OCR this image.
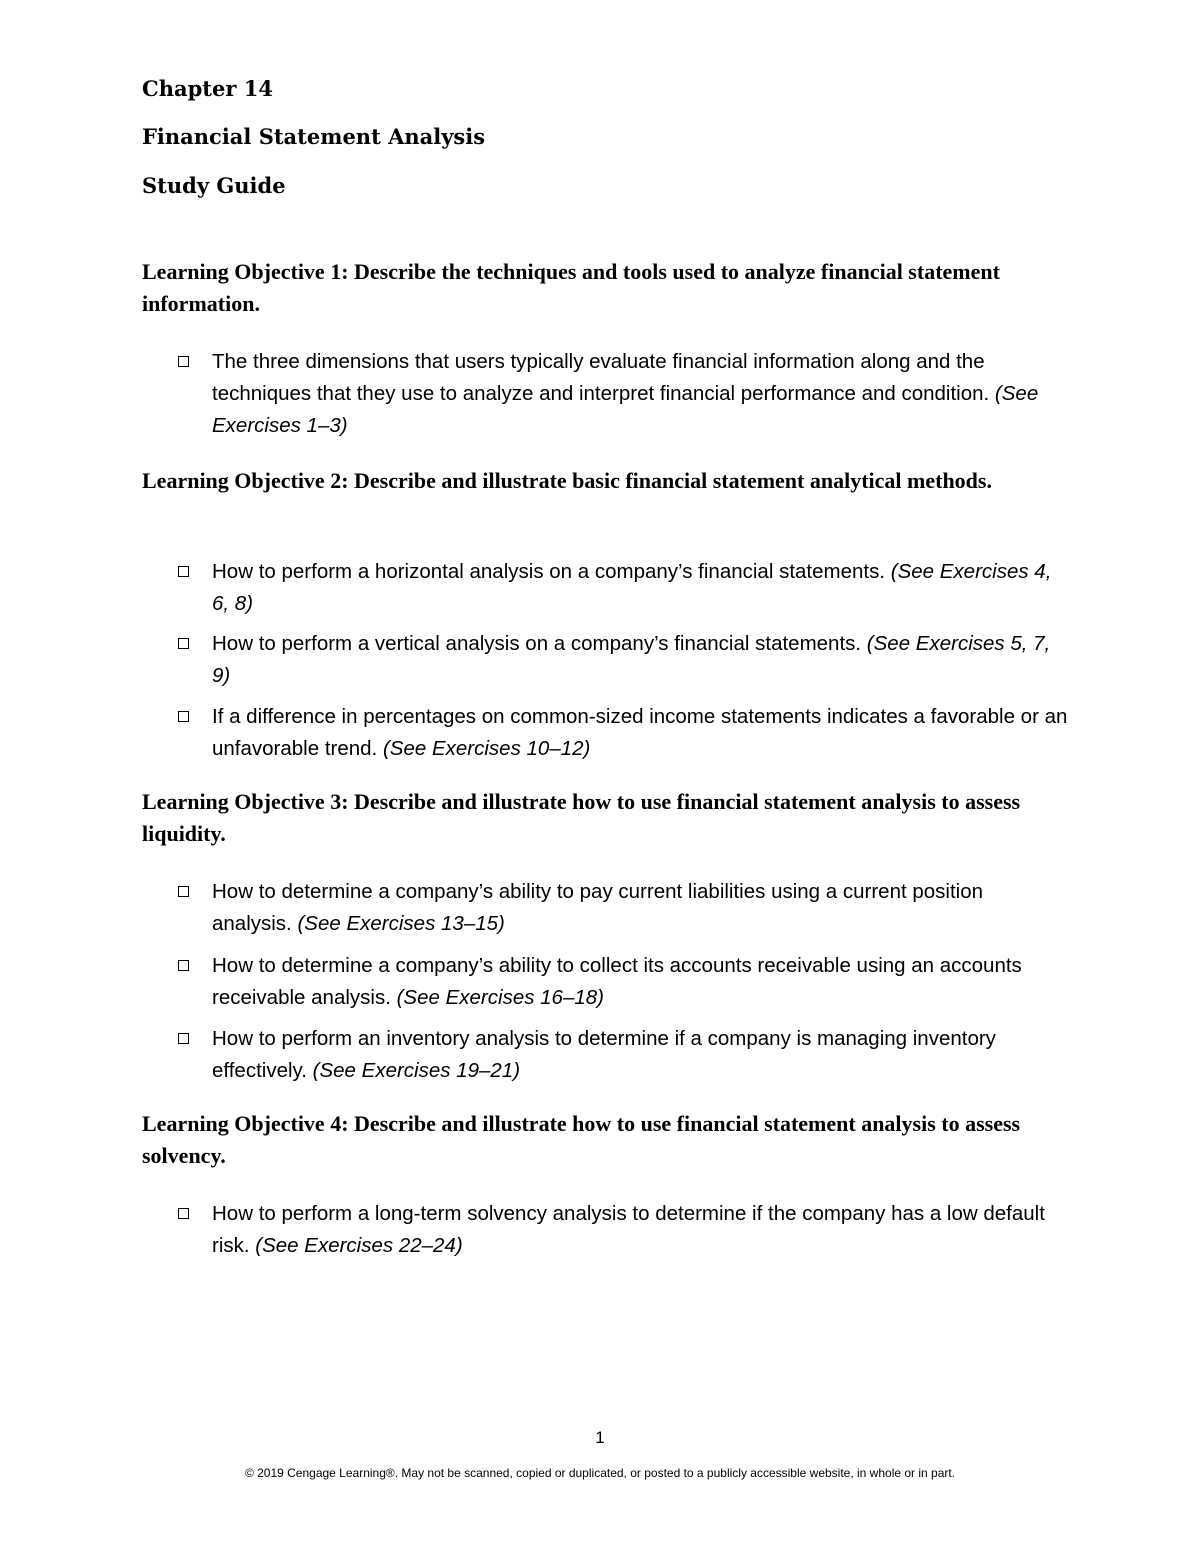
Chapter 14
Financial Statement Analysis
Study Guide
Learning Objective 1: Describe the techniques and tools used to analyze financial statement information.
The three dimensions that users typically evaluate financial information along and the techniques that they use to analyze and interpret financial performance and condition. (See Exercises 1–3)
Learning Objective 2: Describe and illustrate basic financial statement analytical methods.
How to perform a horizontal analysis on a company’s financial statements. (See Exercises 4, 6, 8)
How to perform a vertical analysis on a company’s financial statements. (See Exercises 5, 7, 9)
If a difference in percentages on common-sized income statements indicates a favorable or an unfavorable trend. (See Exercises 10–12)
Learning Objective 3: Describe and illustrate how to use financial statement analysis to assess liquidity.
How to determine a company’s ability to pay current liabilities using a current position analysis. (See Exercises 13–15)
How to determine a company’s ability to collect its accounts receivable using an accounts receivable analysis. (See Exercises 16–18)
How to perform an inventory analysis to determine if a company is managing inventory effectively. (See Exercises 19–21)
Learning Objective 4: Describe and illustrate how to use financial statement analysis to assess solvency.
How to perform a long-term solvency analysis to determine if the company has a low default risk. (See Exercises 22–24)
1
© 2019 Cengage Learning®. May not be scanned, copied or duplicated, or posted to a publicly accessible website, in whole or in part.
